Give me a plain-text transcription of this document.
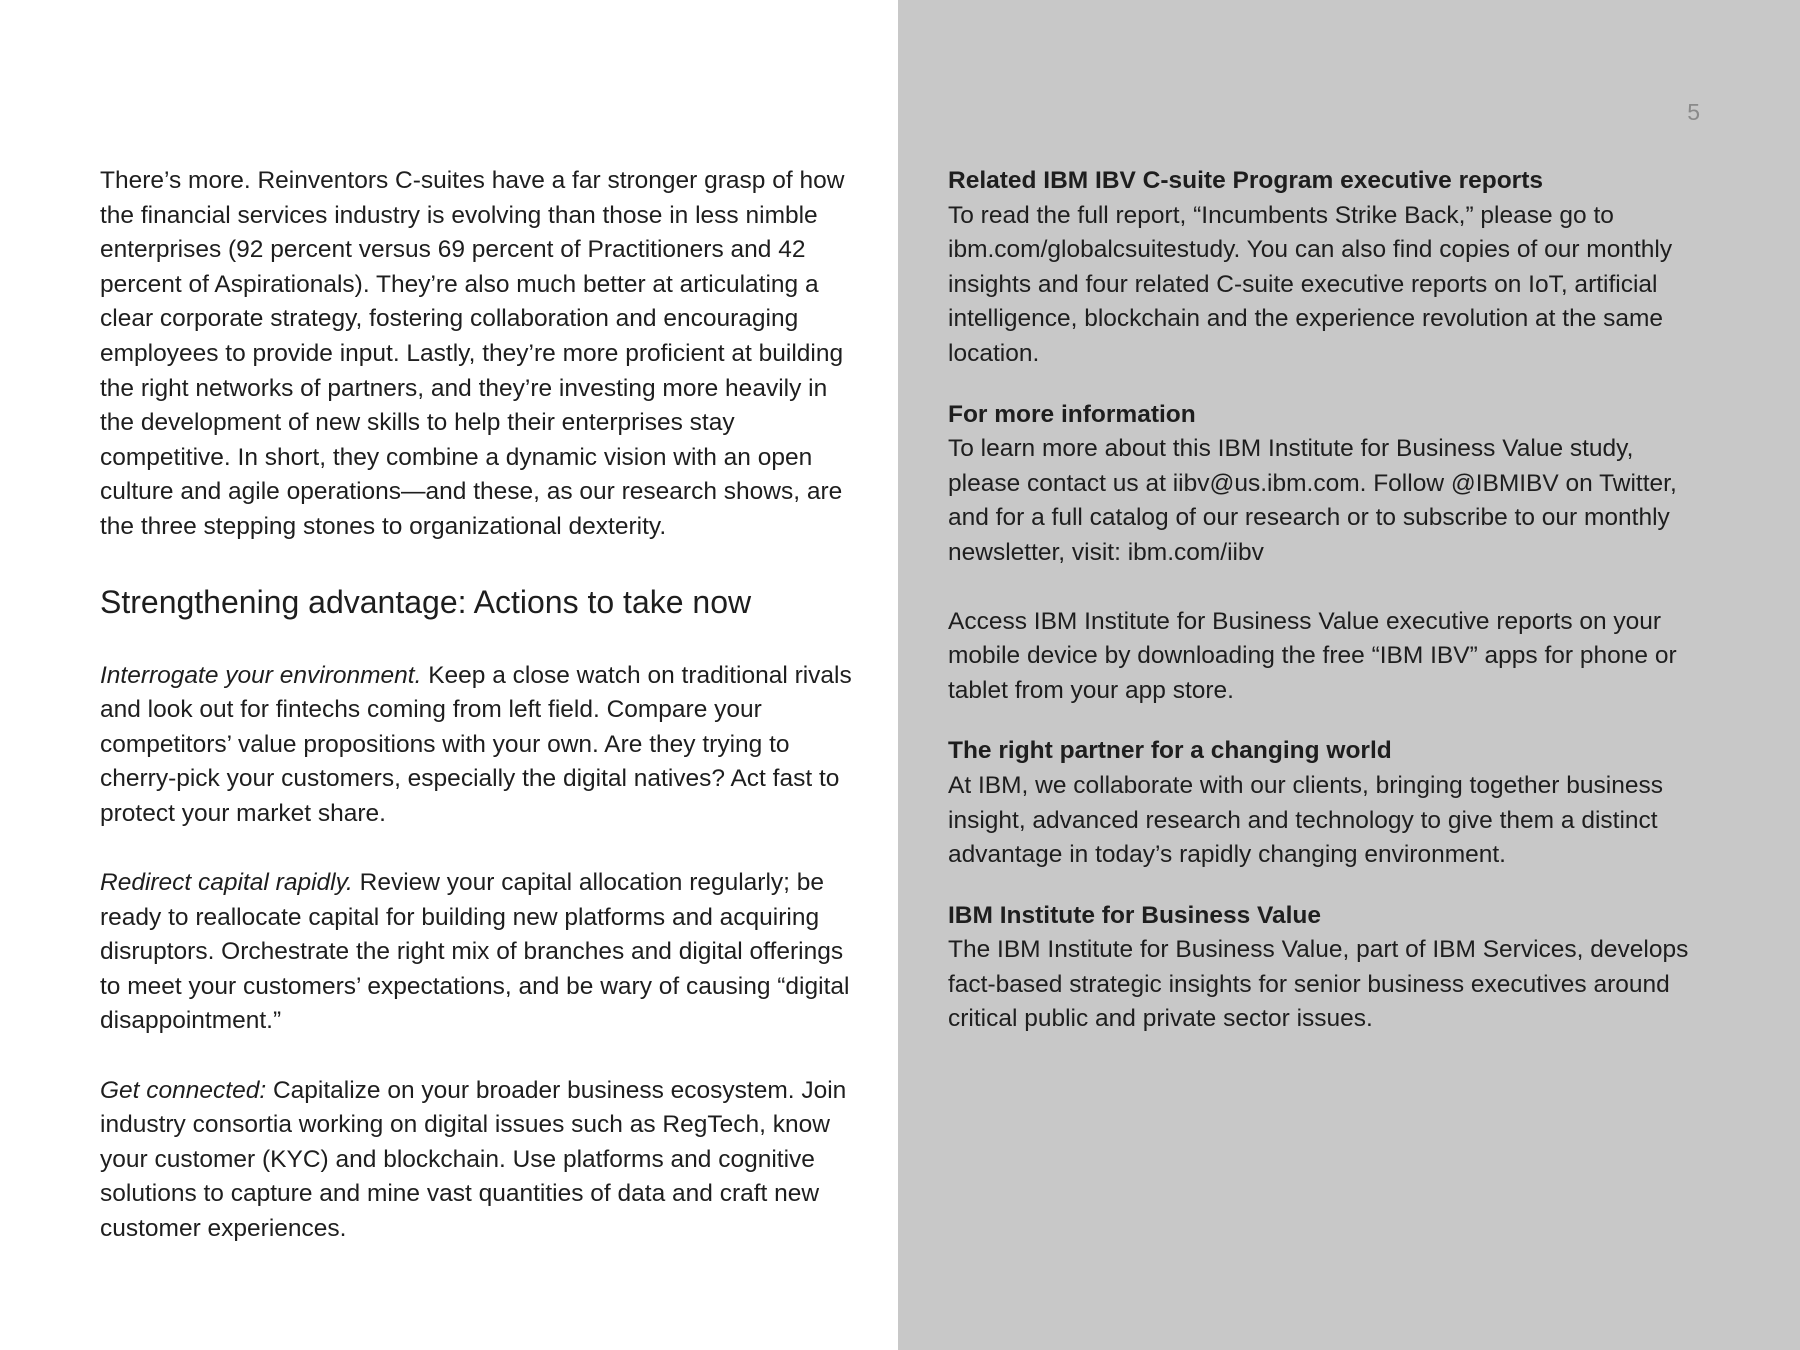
5

There’s more. Reinventors C-suites have a far stronger grasp of how the financial services industry is evolving than those in less nimble enterprises (92 percent versus 69 percent of Practitioners and 42 percent of Aspirationals). They’re also much better at articulating a clear corporate strategy, fostering collaboration and encouraging employees to provide input. Lastly, they’re more proficient at building the right networks of partners, and they’re investing more heavily in the development of new skills to help their enterprises stay competitive. In short, they combine a dynamic vision with an open culture and agile operations—and these, as our research shows, are the three stepping stones to organizational dexterity.

Strengthening advantage: Actions to take now

Interrogate your environment. Keep a close watch on traditional rivals and look out for fintechs coming from left field. Compare your competitors’ value propositions with your own. Are they trying to cherry-pick your customers, especially the digital natives? Act fast to protect your market share.

Redirect capital rapidly. Review your capital allocation regularly; be ready to reallocate capital for building new platforms and acquiring disruptors. Orchestrate the right mix of branches and digital offerings to meet your customers’ expectations, and be wary of causing “digital disappointment.”

Get connected: Capitalize on your broader business ecosystem. Join industry consortia working on digital issues such as RegTech, know your customer (KYC) and blockchain. Use platforms and cognitive solutions to capture and mine vast quantities of data and craft new customer experiences.

Related IBM IBV C-suite Program executive reports

To read the full report, “Incumbents Strike Back,” please go to ibm.com/globalcsuitestudy. You can also find copies of our monthly insights and four related C-suite executive reports on IoT, artificial intelligence, blockchain and the experience revolution at the same location.

For more information

To learn more about this IBM Institute for Business Value study, please contact us at iibv@us.ibm.com. Follow @IBMIBV on Twitter, and for a full catalog of our research or to subscribe to our monthly newsletter, visit: ibm.com/iibv

Access IBM Institute for Business Value executive reports on your mobile device by downloading the free “IBM IBV” apps for phone or tablet from your app store.

The right partner for a changing world

At IBM, we collaborate with our clients, bringing together business insight, advanced research and technology to give them a distinct advantage in today’s rapidly changing environment.

IBM Institute for Business Value

The IBM Institute for Business Value, part of IBM Services, develops fact-based strategic insights for senior business executives around critical public and private sector issues.
